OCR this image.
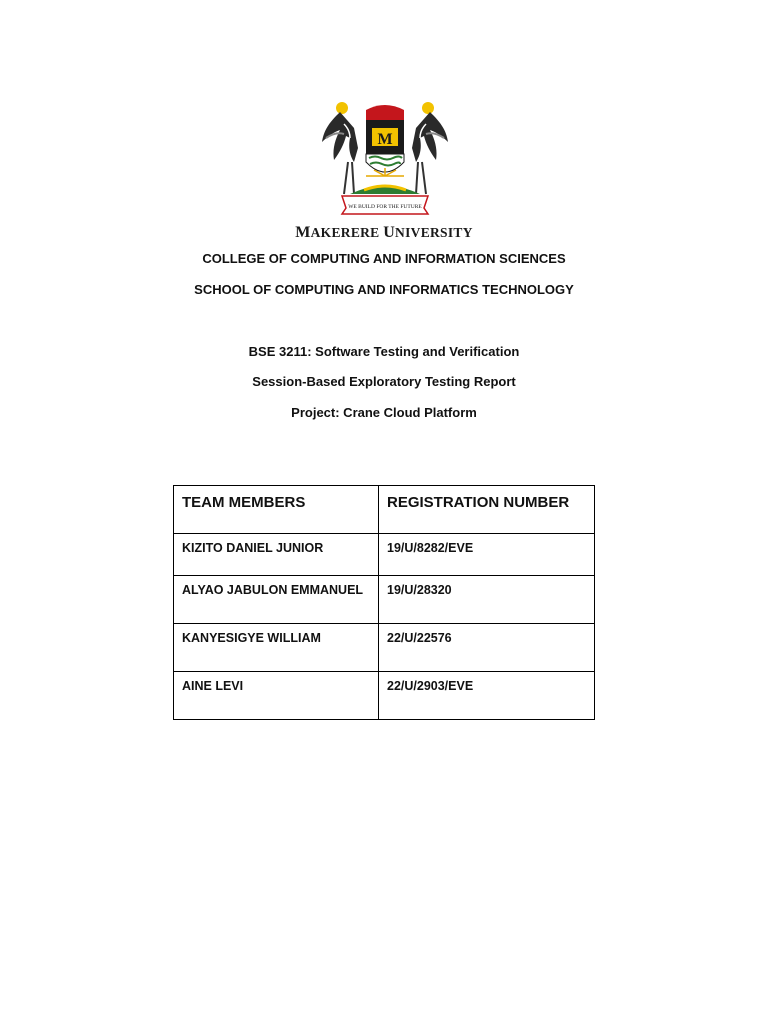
M
WE BUILD FOR THE FUTURE
MAKERERE UNIVERSITY
COLLEGE OF COMPUTING AND INFORMATION SCIENCES
SCHOOL OF COMPUTING AND INFORMATICS TECHNOLOGY
BSE 3211: Software Testing and Verification
Session-Based Exploratory Testing Report
Project: Crane Cloud Platform
TEAM MEMBERS	REGISTRATION NUMBER
KIZITO DANIEL JUNIOR	19/U/8282/EVE
ALYAO JABULON EMMANUEL	19/U/28320
KANYESIGYE WILLIAM	22/U/22576
AINE LEVI	22/U/2903/EVE
